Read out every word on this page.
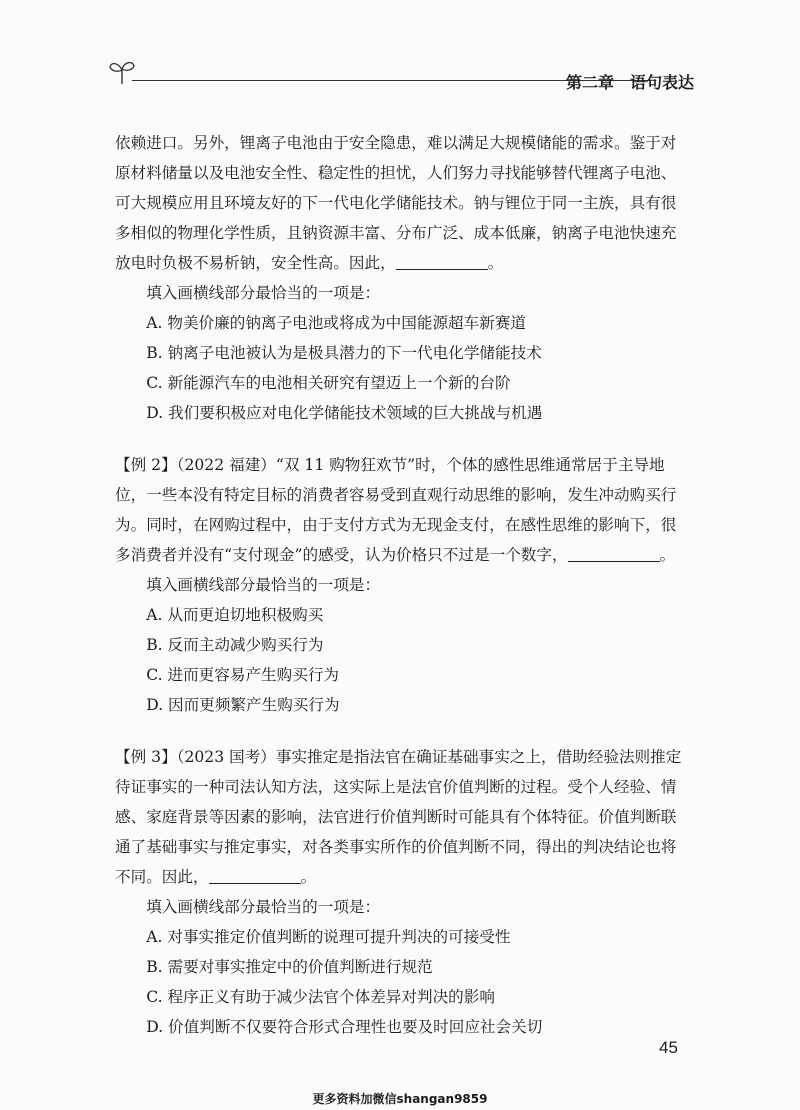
第二章 语句表达

依赖进口。另外，锂离子电池由于安全隐患，难以满足大规模储能的需求。鉴于对原材料储量以及电池安全性、稳定性的担忧，人们努力寻找能够替代锂离子电池、可大规模应用且环境友好的下一代电化学储能技术。钠与锂位于同一主族，具有很多相似的物理化学性质，且钠资源丰富、分布广泛、成本低廉，钠离子电池快速充放电时负极不易析钠，安全性高。因此，	。

填入画横线部分最恰当的一项是：

A. 物美价廉的钠离子电池或将成为中国能源超车新赛道

B. 钠离子电池被认为是极具潜力的下一代电化学储能技术

C. 新能源汽车的电池相关研究有望迈上一个新的台阶

D. 我们要积极应对电化学储能技术领域的巨大挑战与机遇

【例 2】（2022 福建）“双 11 购物狂欢节”时，个体的感性思维通常居于主导地位，一些本没有特定目标的消费者容易受到直观行动思维的影响，发生冲动购买行为。同时，在网购过程中，由于支付方式为无现金支付，在感性思维的影响下，很多消费者并没有“支付现金”的感受，认为价格只不过是一个数字，	。

填入画横线部分最恰当的一项是：

A. 从而更迫切地积极购买

B. 反而主动减少购买行为

C. 进而更容易产生购买行为

D. 因而更频繁产生购买行为

【例 3】（2023 国考）事实推定是指法官在确证基础事实之上，借助经验法则推定待证事实的一种司法认知方法，这实际上是法官价值判断的过程。受个人经验、情感、家庭背景等因素的影响，法官进行价值判断时可能具有个体特征。价值判断联通了基础事实与推定事实，对各类事实所作的价值判断不同，得出的判决结论也将不同。因此，	。

填入画横线部分最恰当的一项是：

A. 对事实推定价值判断的说理可提升判决的可接受性

B. 需要对事实推定中的价值判断进行规范

C. 程序正义有助于减少法官个体差异对判决的影响

D. 价值判断不仅要符合形式合理性也要及时回应社会关切

45
更多资料加微信shangan9859
